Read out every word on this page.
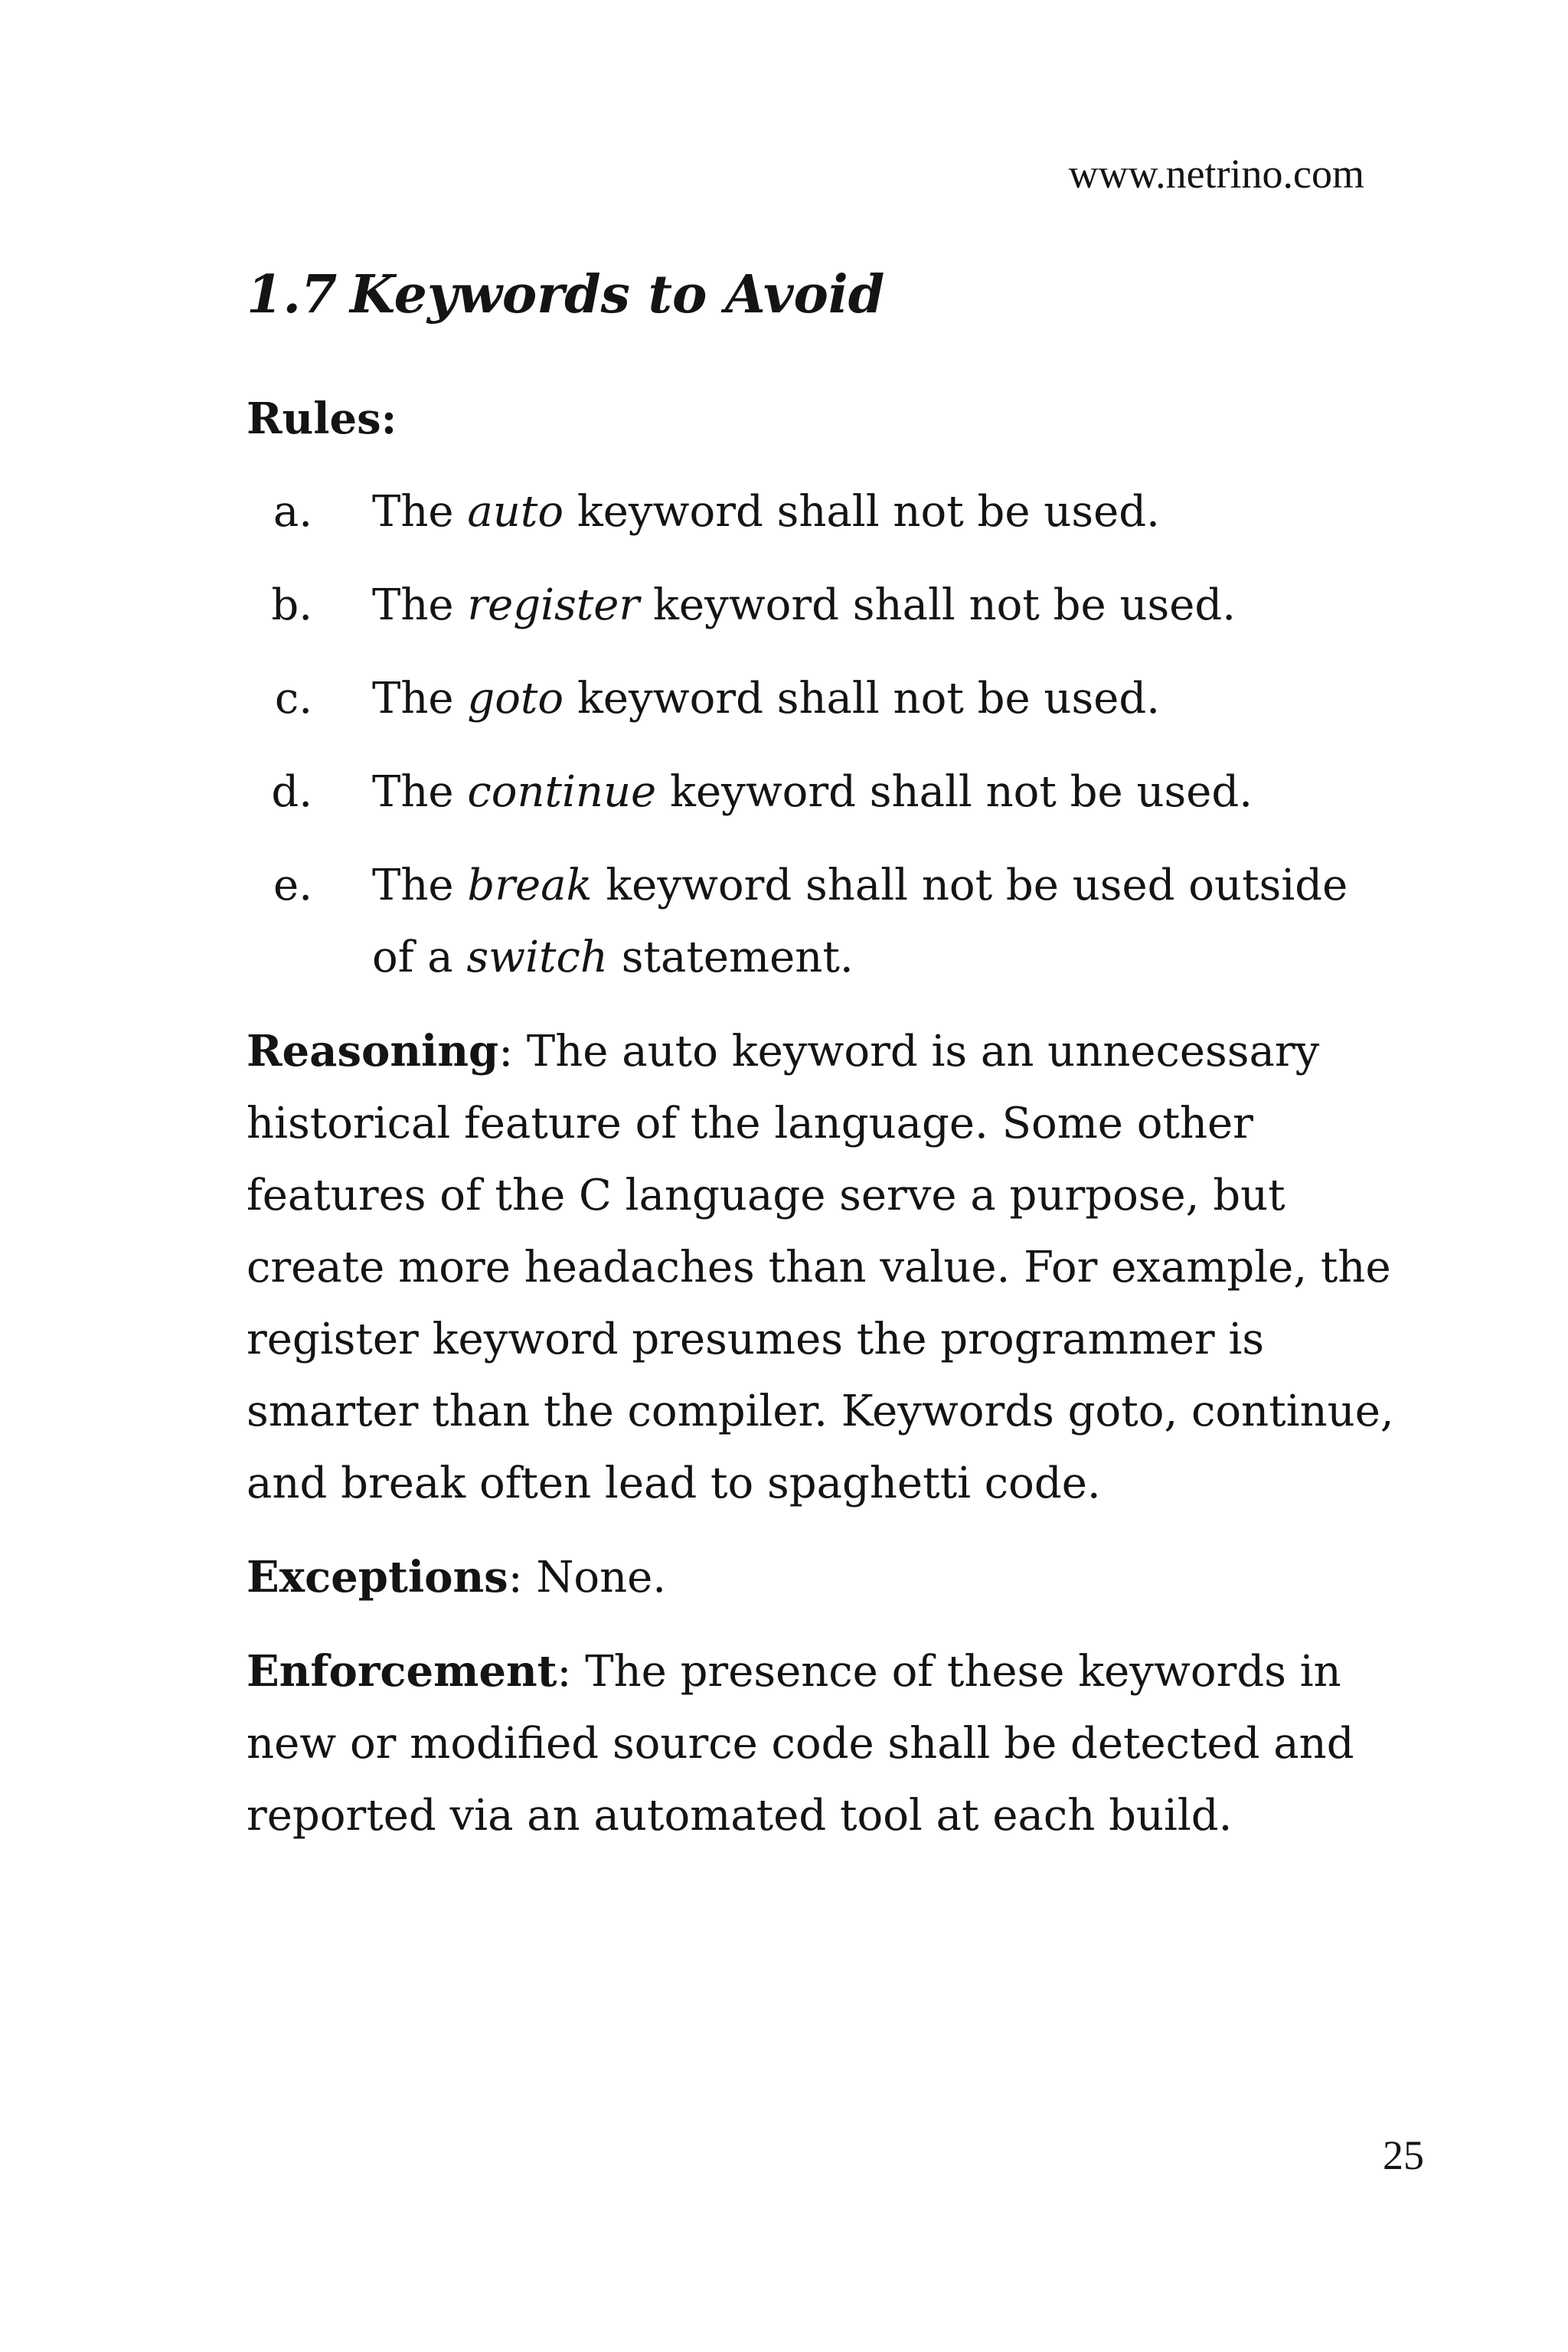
www.netrino.com
1.7 Keywords to Avoid
Rules:
a. The auto keyword shall not be used.
b. The register keyword shall not be used.
c. The goto keyword shall not be used.
d. The continue keyword shall not be used.
e. The break keyword shall not be used outside of a switch statement.

Reasoning: The auto keyword is an unnecessary historical feature of the language. Some other features of the C language serve a purpose, but create more headaches than value. For example, the register keyword presumes the programmer is smarter than the compiler. Keywords goto, continue, and break often lead to spaghetti code.

Exceptions: None.

Enforcement: The presence of these keywords in new or modified source code shall be detected and reported via an automated tool at each build.

25
